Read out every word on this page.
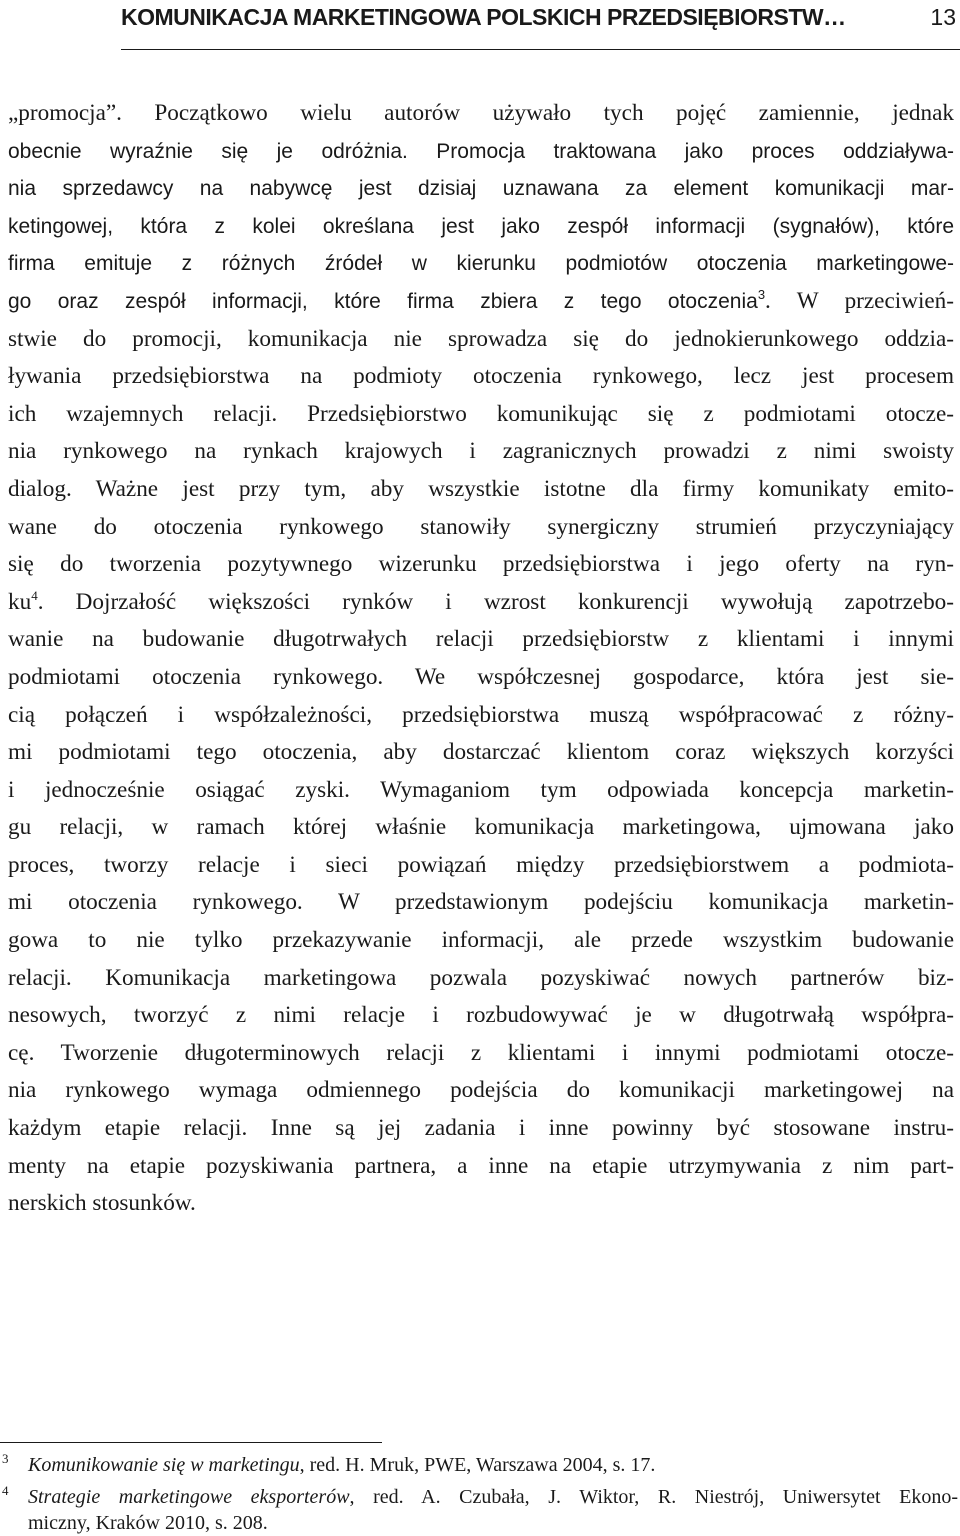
KOMUNIKACJA MARKETINGOWA POLSKICH PRZEDSIĘBIORSTW…	13
„promocja”. Początkowo wielu autorów używało tych pojęć zamiennie, jednak
obecnie wyraźnie się je odróżnia. Promocja traktowana jako proces oddziaływa-
nia sprzedawcy na nabywcę jest dzisiaj uznawana za element komunikacji mar-
ketingowej, która z kolei określana jest jako zespół informacji (sygnałów), które
firma emituje z różnych źródeł w kierunku podmiotów otoczenia marketingowe-
go oraz zespół informacji, które firma zbiera z tego otoczenia$^3$. W przeciwień-
stwie do promocji, komunikacja nie sprowadza się do jednokierunkowego oddzia-
ływania przedsiębiorstwa na podmioty otoczenia rynkowego, lecz jest procesem
ich wzajemnych relacji. Przedsiębiorstwo komunikując się z podmiotami otocze-
nia rynkowego na rynkach krajowych i zagranicznych prowadzi z nimi swoisty
dialog. Ważne jest przy tym, aby wszystkie istotne dla firmy komunikaty emito-
wane do otoczenia rynkowego stanowiły synergiczny strumień przyczyniający
się do tworzenia pozytywnego wizerunku przedsiębiorstwa i jego oferty na ryn-
$ku^4$. Dojrzałość większości rynków i wzrost konkurencji wywołują zapotrzebo-
wanie na budowanie długotrwałych relacji przedsiębiorstw z klientami i innymi
podmiotami otoczenia rynkowego. We współczesnej gospodarce, która jest sie-
cią połączeń i współzależności, przedsiębiorstwa muszą współpracować z różny-
mi podmiotami tego otoczenia, aby dostarczać klientom coraz większych korzyści
i jednocześnie osiągać zyski. Wymaganiom tym odpowiada koncepcja marketin-
gu relacji, w ramach której właśnie komunikacja marketingowa, ujmowana jako
proces, tworzy relacje i sieci powiązań między przedsiębiorstwem a podmiota-
mi otoczenia rynkowego. W przedstawionym podejściu komunikacja marketin-
gowa to nie tylko przekazywanie informacji, ale przede wszystkim budowanie
relacji. Komunikacja marketingowa pozwala pozyskiwać nowych partnerów biz-
nesowych, tworzyć z nimi relacje i rozbudowywać je w długotrwałą współpra-
cę. Tworzenie długoterminowych relacji z klientami i innymi podmiotami otocze-
nia rynkowego wymaga odmiennego podejścia do komunikacji marketingowej na
każdym etapie relacji. Inne są jej zadania i inne powinny być stosowane instru-
menty na etapie pozyskiwania partnera, a inne na etapie utrzymywania z nim part-
nerskich stosunków.
3 Komunikowanie się w marketingu, red. H. Mruk, PWE, Warszawa 2004, s. 17.
4 Strategie marketingowe eksporterów, red. A. Czubała, J. Wiktor, R. Niestrój, Uniwersytet Ekono-
miczny, Kraków 2010, s. 208.
